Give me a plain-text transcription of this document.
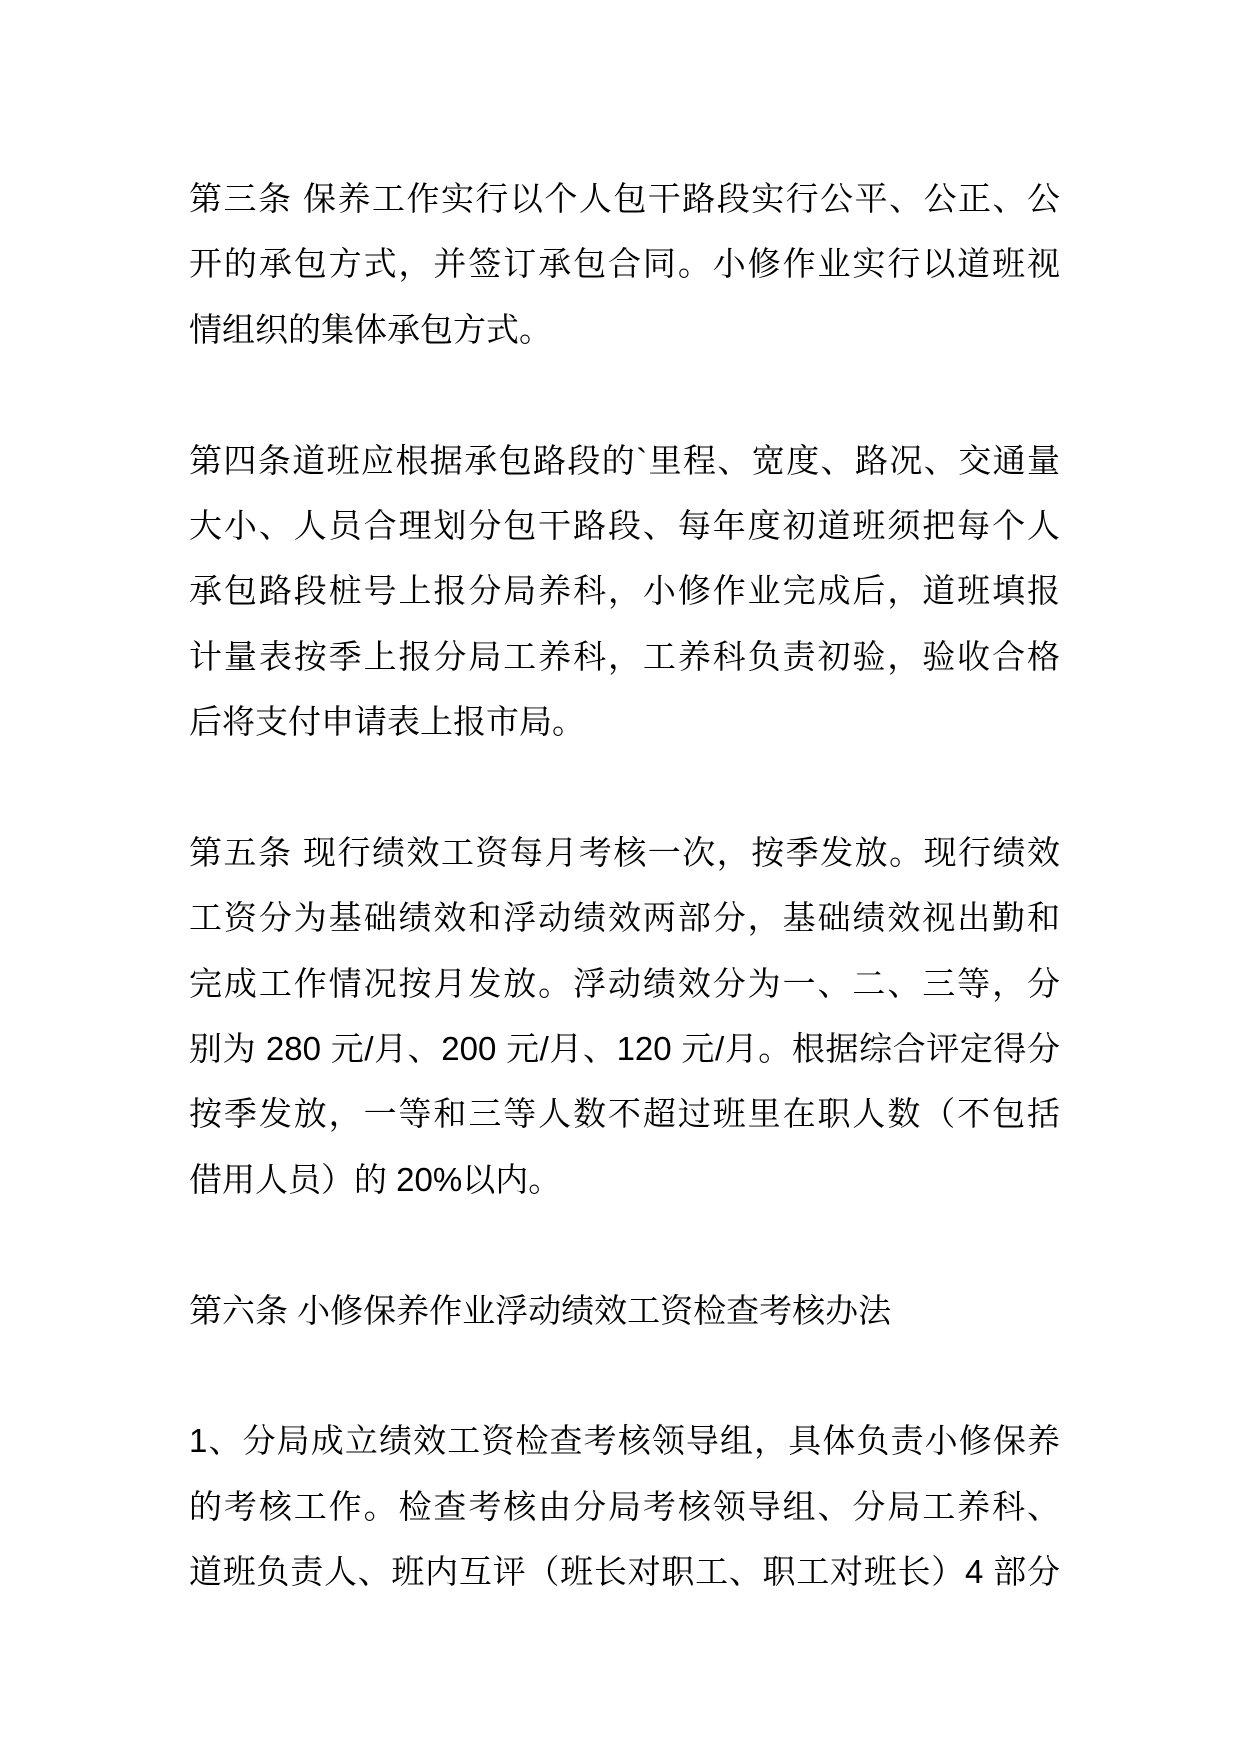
第三条 保养工作实行以个人包干路段实行公平、公正、公
开的承包方式，并签订承包合同。小修作业实行以道班视
情组织的集体承包方式。
第四条道班应根据承包路段的`里程、宽度、路况、交通量
大小、人员合理划分包干路段、每年度初道班须把每个人
承包路段桩号上报分局养科，小修作业完成后，道班填报
计量表按季上报分局工养科，工养科负责初验，验收合格
后将支付申请表上报市局。
第五条 现行绩效工资每月考核一次，按季发放。现行绩效
工资分为基础绩效和浮动绩效两部分，基础绩效视出勤和
完成工作情况按月发放。浮动绩效分为一、二、三等，分
别为 280 元/月、200 元/月、120 元/月。根据综合评定得分
按季发放，一等和三等人数不超过班里在职人数（不包括
借用人员）的 20%以内。
第六条 小修保养作业浮动绩效工资检查考核办法
1、分局成立绩效工资检查考核领导组，具体负责小修保养
的考核工作。检查考核由分局考核领导组、分局工养科、
道班负责人、班内互评（班长对职工、职工对班长）4 部分
